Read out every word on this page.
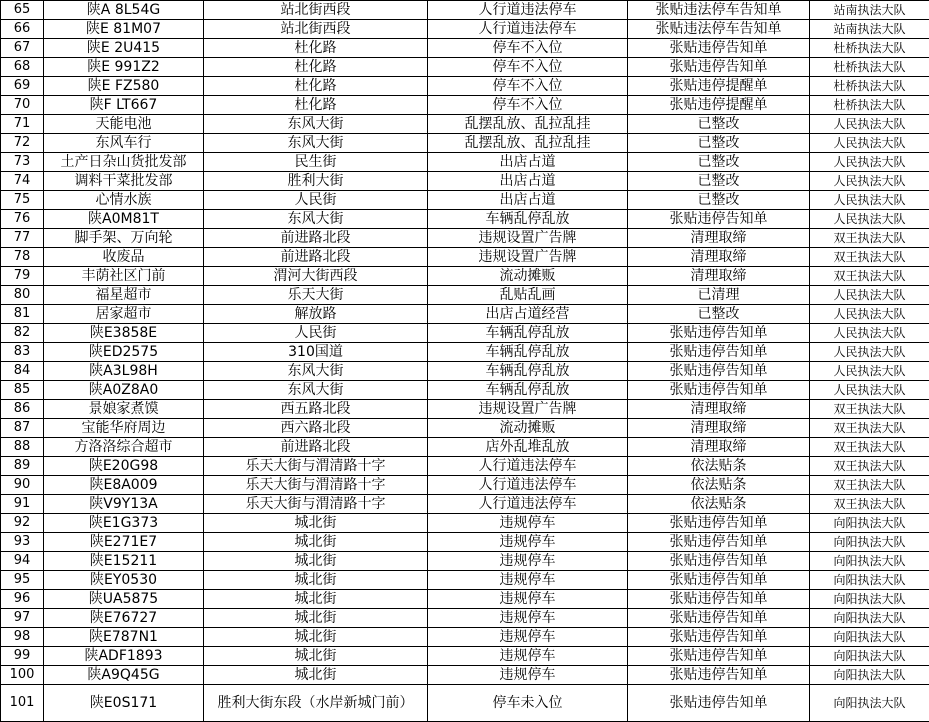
65	陕A 8L54G	站北街西段	人行道违法停车	张贴违法停车告知单	站南执法大队
66	陕E 81M07	站北街西段	人行道违法停车	张贴违法停车告知单	站南执法大队
67	陕E 2U415	杜化路	停车不入位	张贴违停告知单	杜桥执法大队
68	陕E 991Z2	杜化路	停车不入位	张贴违停告知单	杜桥执法大队
69	陕E FZ580	杜化路	停车不入位	张贴违停提醒单	杜桥执法大队
70	陕F LT667	杜化路	停车不入位	张贴违停提醒单	杜桥执法大队
71	天能电池	东风大街	乱摆乱放、乱拉乱挂	已整改	人民执法大队
72	东风车行	东风大街	乱摆乱放、乱拉乱挂	已整改	人民执法大队
73	土产日杂山货批发部	民生街	出店占道	已整改	人民执法大队
74	调料干菜批发部	胜利大街	出店占道	已整改	人民执法大队
75	心情水族	人民街	出店占道	已整改	人民执法大队
76	陕A0M81T	东风大街	车辆乱停乱放	张贴违停告知单	人民执法大队
77	脚手架、万向轮	前进路北段	违规设置广告牌	清理取缔	双王执法大队
78	收废品	前进路北段	违规设置广告牌	清理取缔	双王执法大队
79	丰荫社区门前	渭河大街西段	流动摊贩	清理取缔	双王执法大队
80	福星超市	乐天大街	乱贴乱画	已清理	人民执法大队
81	居家超市	解放路	出店占道经营	已整改	人民执法大队
82	陕E3858E	人民街	车辆乱停乱放	张贴违停告知单	人民执法大队
83	陕ED2575	310国道	车辆乱停乱放	张贴违停告知单	人民执法大队
84	陕A3L98H	东风大街	车辆乱停乱放	张贴违停告知单	人民执法大队
85	陕A0Z8A0	东风大街	车辆乱停乱放	张贴违停告知单	人民执法大队
86	景娘家煮馍	西五路北段	违规设置广告牌	清理取缔	双王执法大队
87	宝能华府周边	西六路北段	流动摊贩	清理取缔	双王执法大队
88	方洛洛综合超市	前进路北段	店外乱堆乱放	清理取缔	双王执法大队
89	陕E20G98	乐天大街与渭清路十字	人行道违法停车	依法贴条	双王执法大队
90	陕E8A009	乐天大街与渭清路十字	人行道违法停车	依法贴条	双王执法大队
91	陕V9Y13A	乐天大街与渭清路十字	人行道违法停车	依法贴条	双王执法大队
92	陕E1G373	城北街	违规停车	张贴违停告知单	向阳执法大队
93	陕E271E7	城北街	违规停车	张贴违停告知单	向阳执法大队
94	陕E15211	城北街	违规停车	张贴违停告知单	向阳执法大队
95	陕EY0530	城北街	违规停车	张贴违停告知单	向阳执法大队
96	陕UA5875	城北街	违规停车	张贴违停告知单	向阳执法大队
97	陕E76727	城北街	违规停车	张贴违停告知单	向阳执法大队
98	陕E787N1	城北街	违规停车	张贴违停告知单	向阳执法大队
99	陕ADF1893	城北街	违规停车	张贴违停告知单	向阳执法大队
100	陕A9Q45G	城北街	违规停车	张贴违停告知单	向阳执法大队
101	陕E0S171	胜利大街东段（水岸新城门前）	停车未入位	张贴违停告知单	向阳执法大队
